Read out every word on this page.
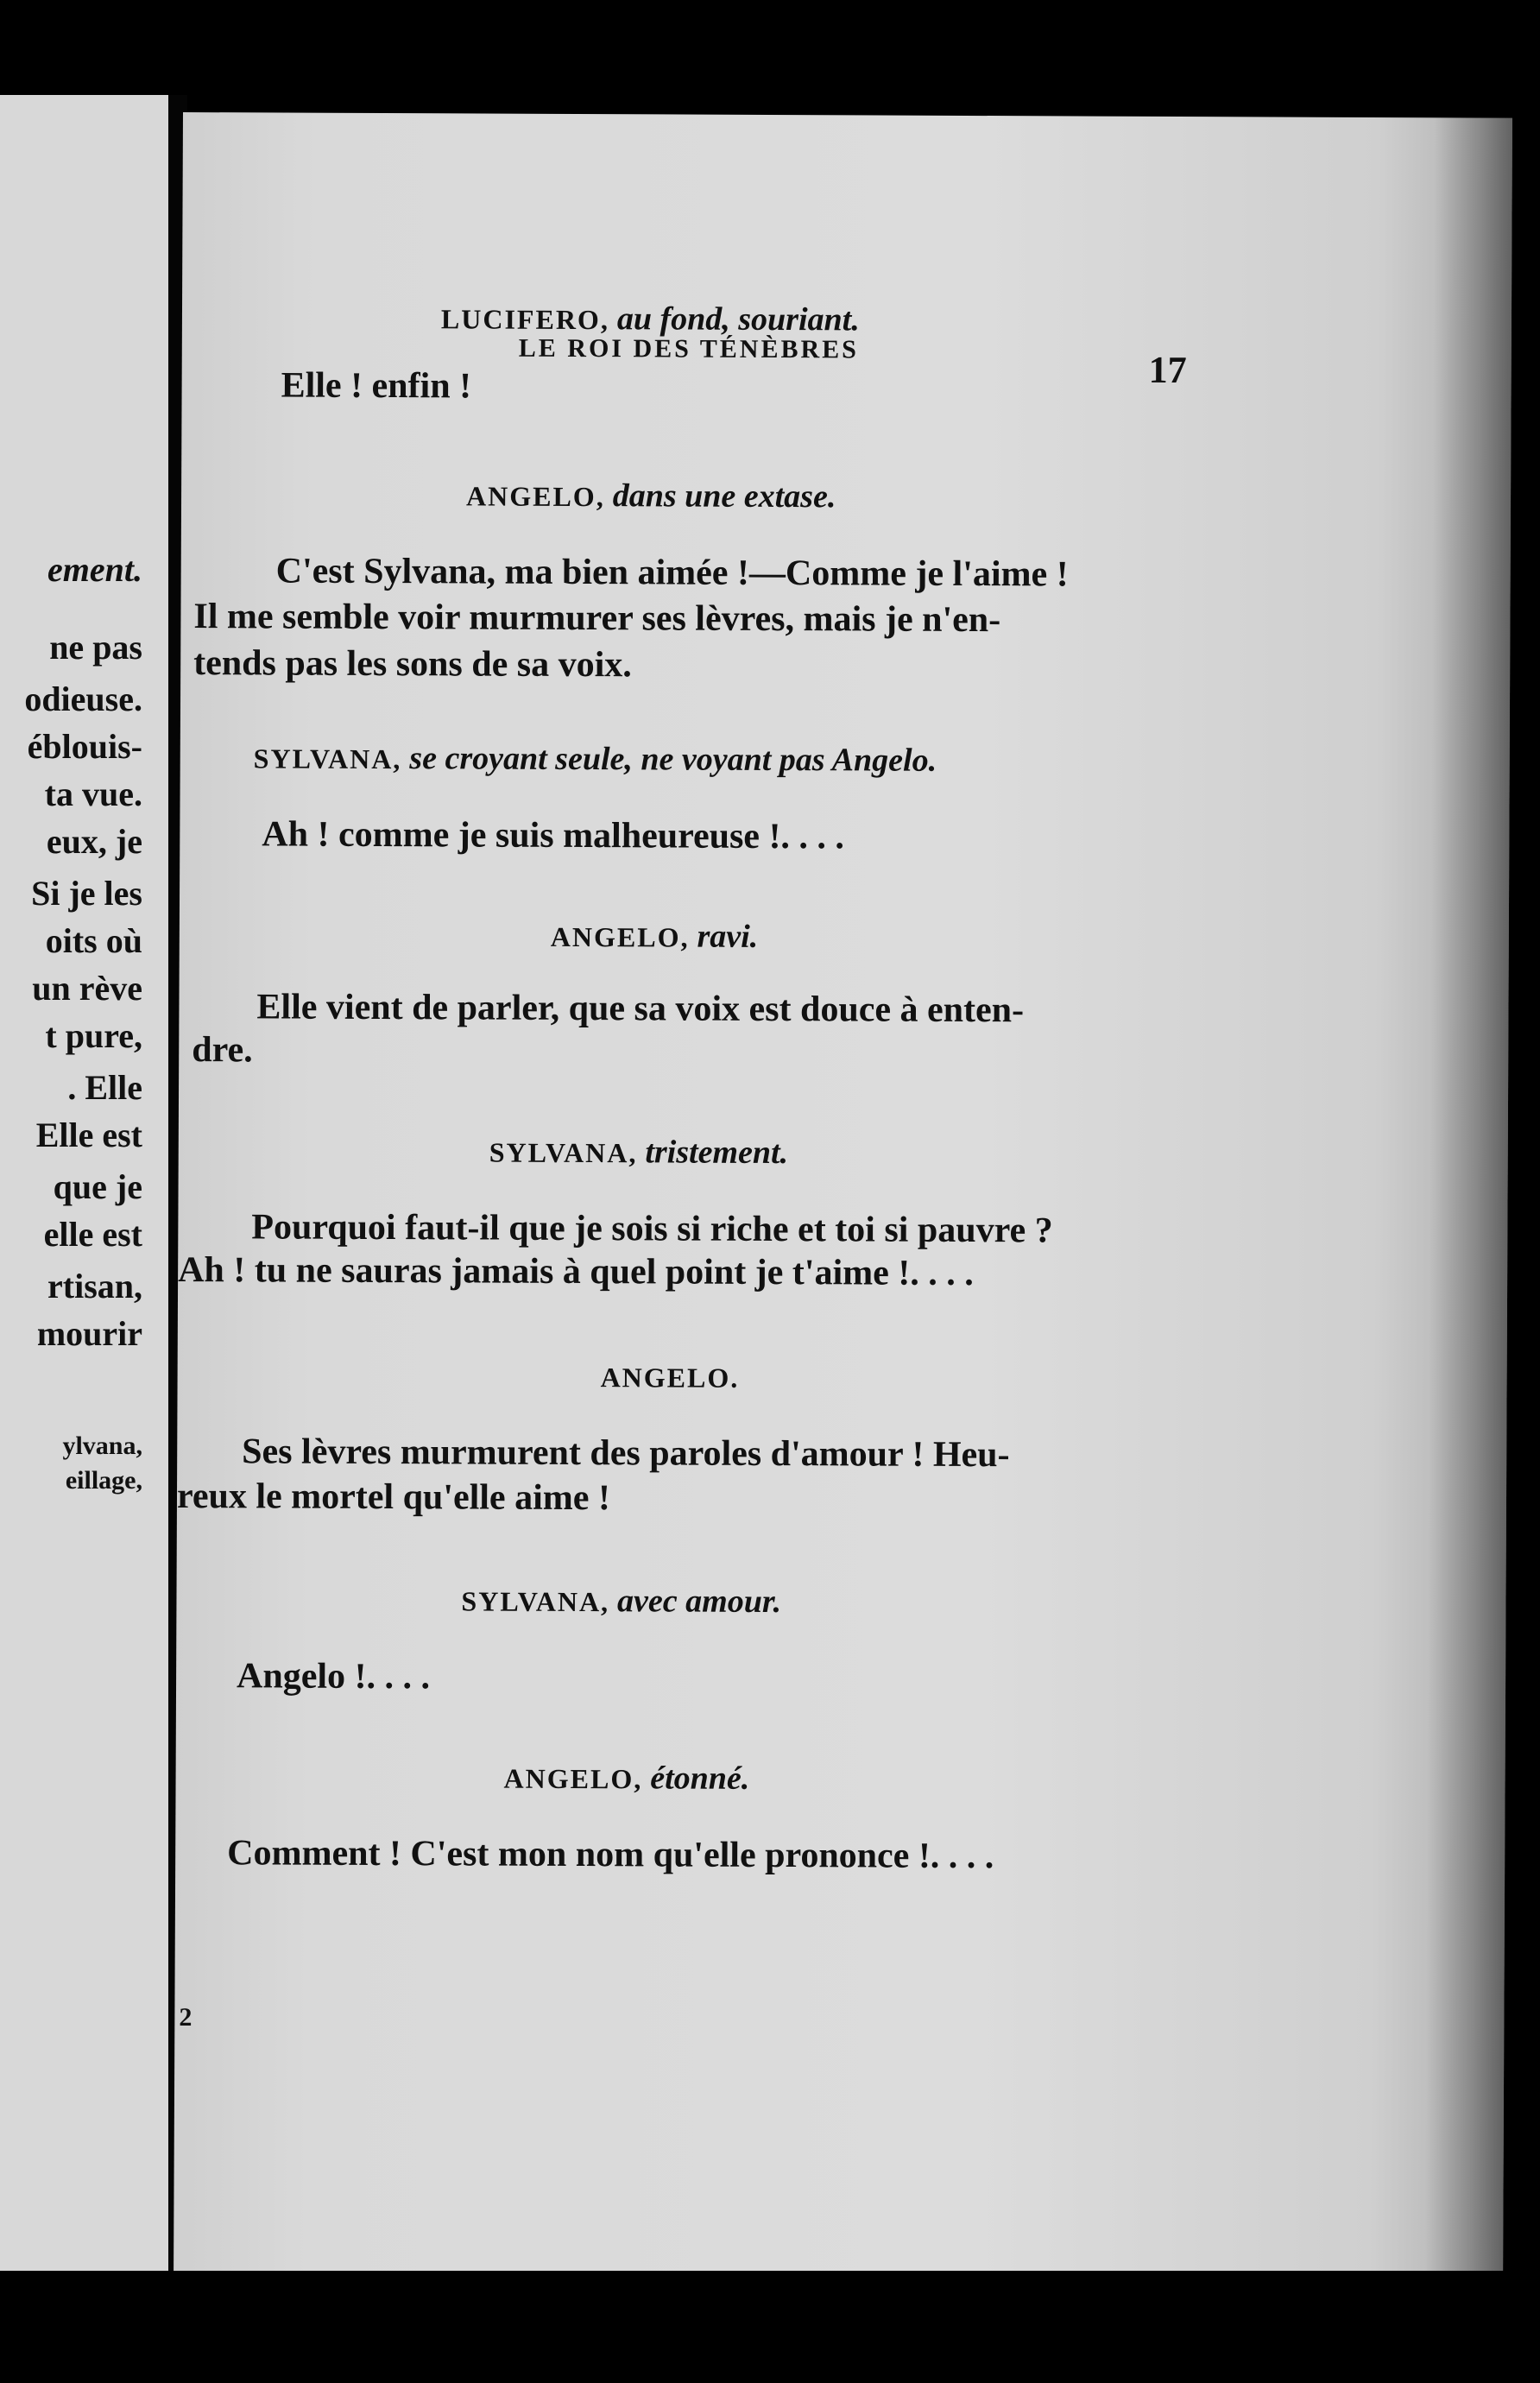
ement.
ne pas
odieuse.
éblouis-
ta vue.
eux, je
Si je les
oits où
un rève
t pure,
. Elle
Elle est
que je
elle est
rtisan,
mourir
ylvana,
eillage,
LE ROI DES TÉNÈBRES	17
LUCIFERO, au fond, souriant.
Elle ! enfin !
ANGELO, dans une extase.
C'est Sylvana, ma bien aimée !—Comme je l'aime !
Il me semble voir murmurer ses lèvres, mais je n'en-
tends pas les sons de sa voix.
SYLVANA, se croyant seule, ne voyant pas Angelo.
Ah ! comme je suis malheureuse !. . . .
ANGELO, ravi.
Elle vient de parler, que sa voix est douce à enten-
dre.
SYLVANA, tristement.
Pourquoi faut-il que je sois si riche et toi si pauvre ?
Ah ! tu ne sauras jamais à quel point je t'aime !. . . .
ANGELO.
Ses lèvres murmurent des paroles d'amour ! Heu-
reux le mortel qu'elle aime !
SYLVANA, avec amour.
Angelo !. . . .
ANGELO, étonné.
Comment ! C'est mon nom qu'elle prononce !. . . .
2
